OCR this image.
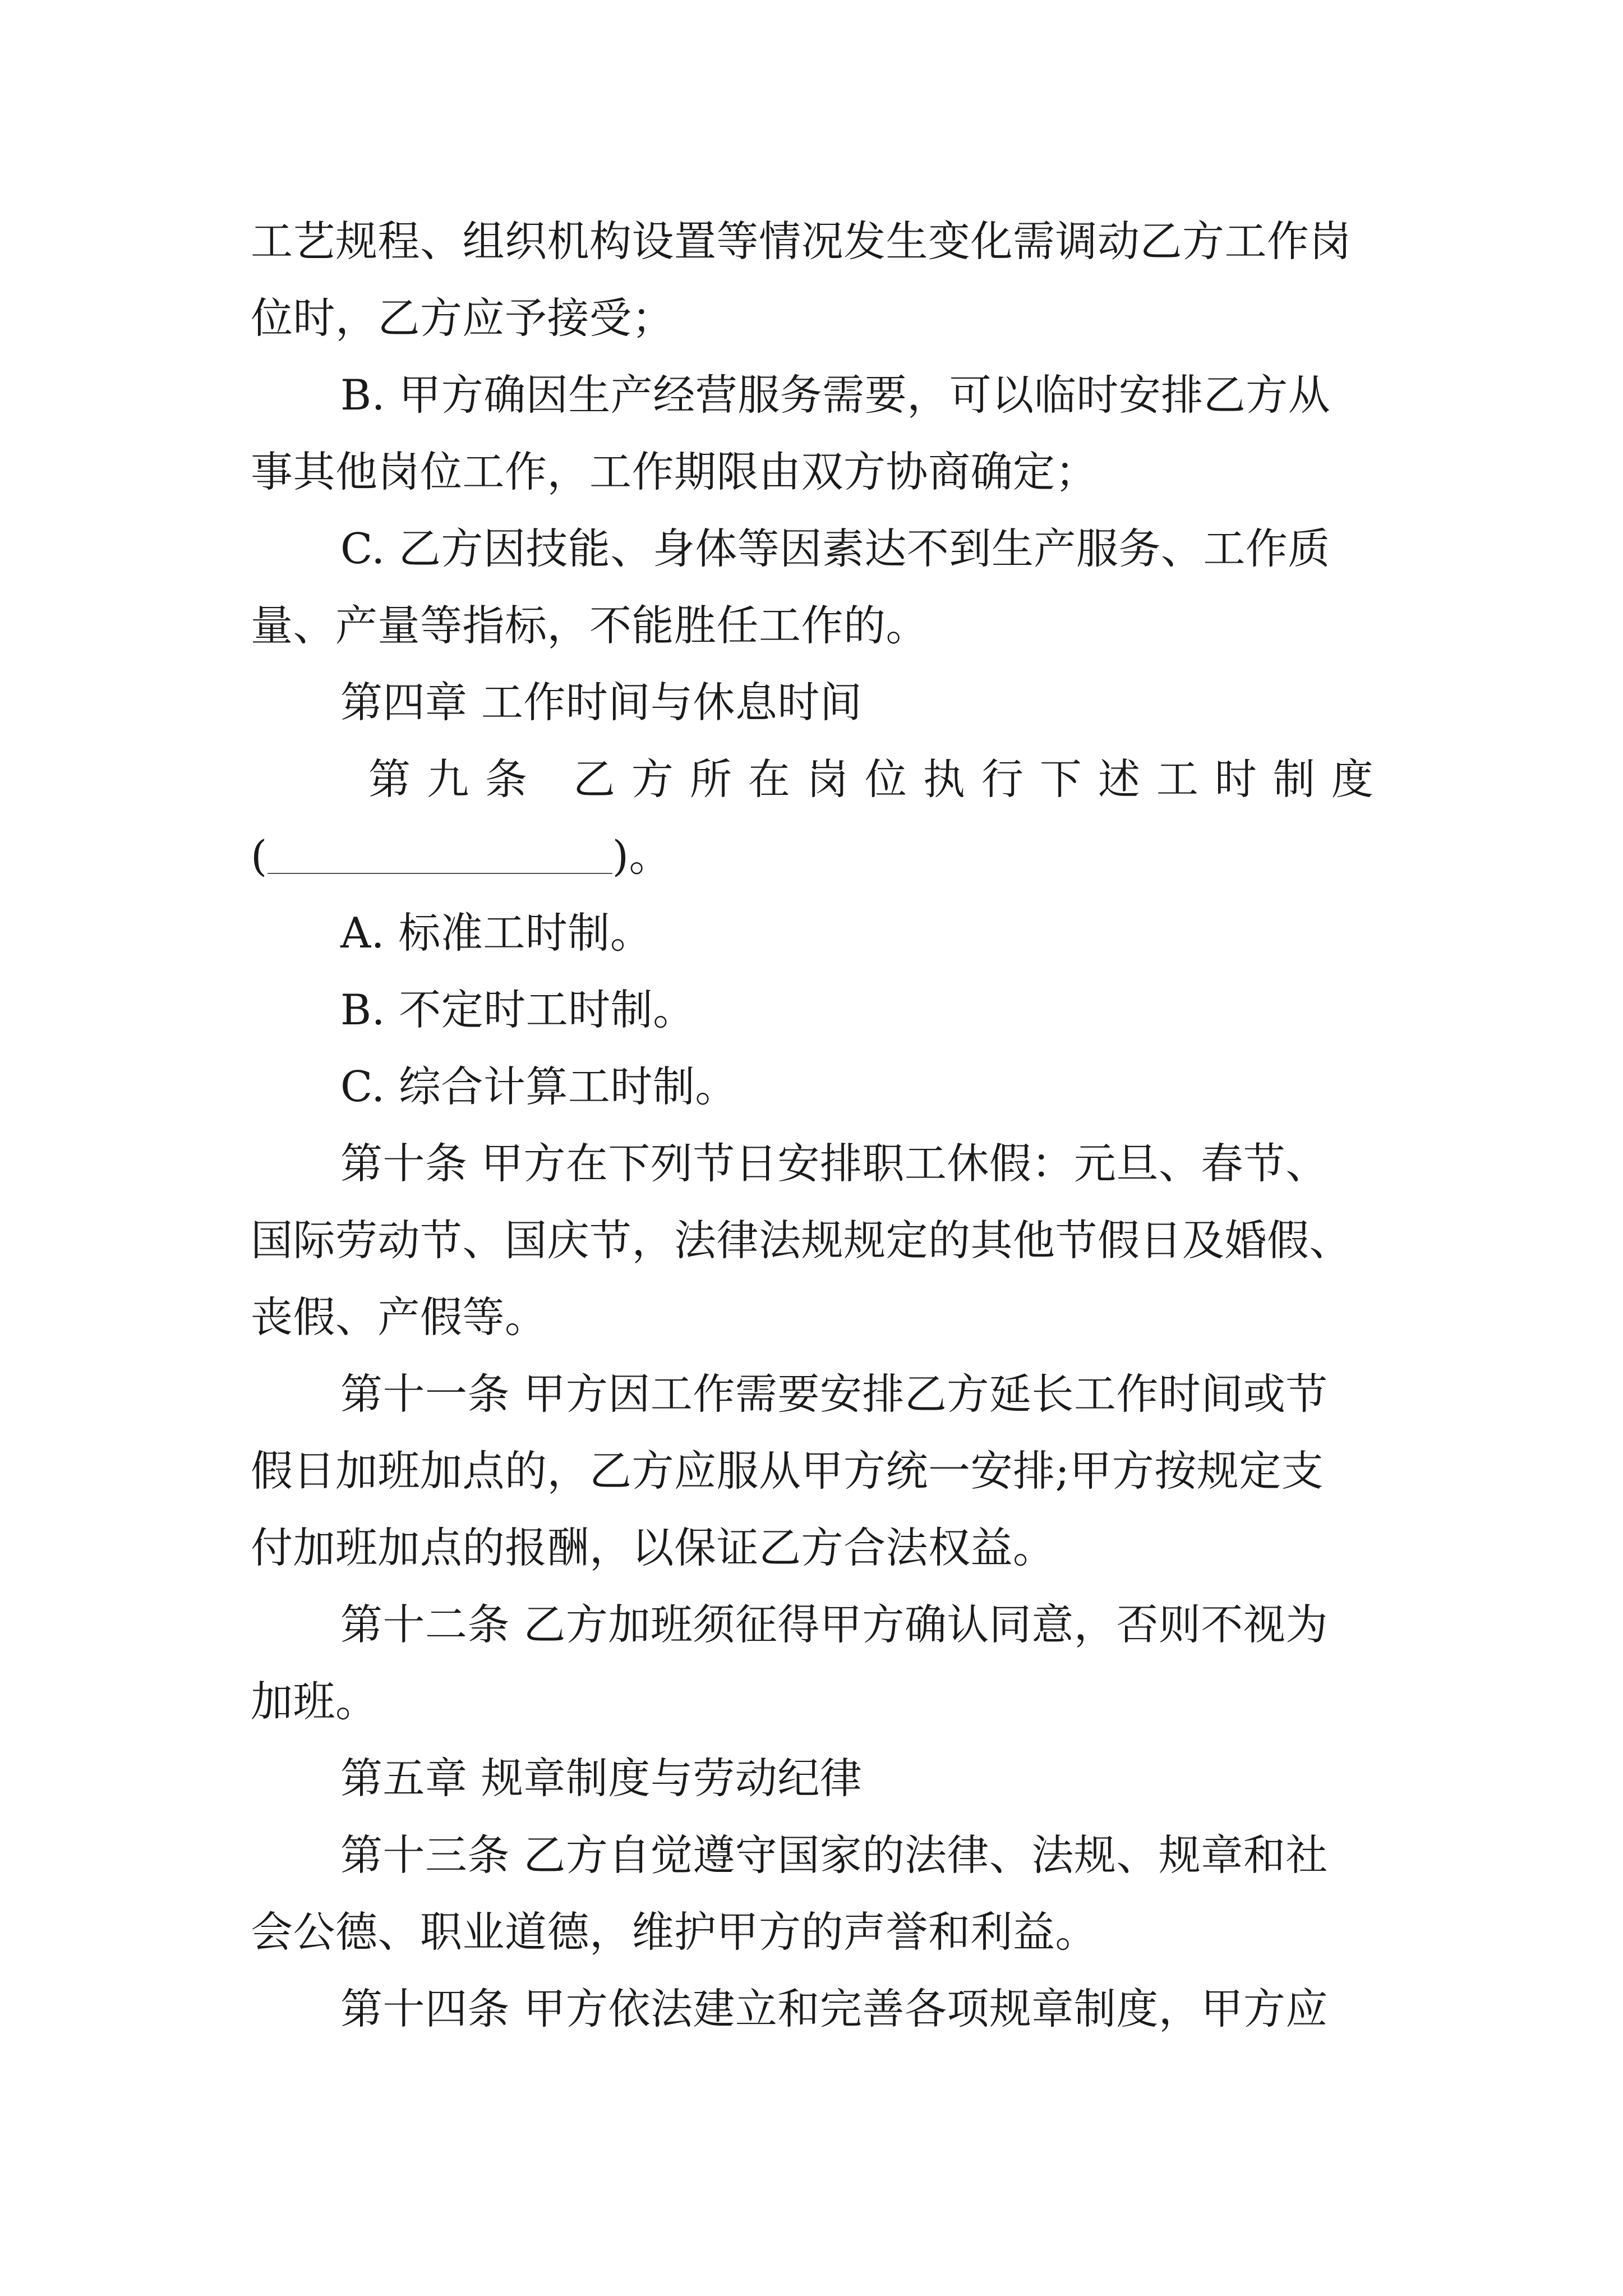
工艺规程、组织机构设置等情况发生变化需调动乙方工作岗

位时，乙方应予接受；

B. 甲方确因生产经营服务需要，可以临时安排乙方从

事其他岗位工作，工作期限由双方协商确定；

C. 乙方因技能、身体等因素达不到生产服务、工作质

量、产量等指标，不能胜任工作的。

第四章 工作时间与休息时间

第九条 乙方所在岗位执行下述工时制度

(	)。

A. 标准工时制。

B. 不定时工时制。

C. 综合计算工时制。

第十条 甲方在下列节日安排职工休假：元旦、春节、

国际劳动节、国庆节，法律法规规定的其他节假日及婚假、

丧假、产假等。

第十一条 甲方因工作需要安排乙方延长工作时间或节

假日加班加点的，乙方应服从甲方统一安排;甲方按规定支

付加班加点的报酬，以保证乙方合法权益。

第十二条 乙方加班须征得甲方确认同意，否则不视为

加班。

第五章 规章制度与劳动纪律

第十三条 乙方自觉遵守国家的法律、法规、规章和社

会公德、职业道德，维护甲方的声誉和利益。

第十四条 甲方依法建立和完善各项规章制度，甲方应
